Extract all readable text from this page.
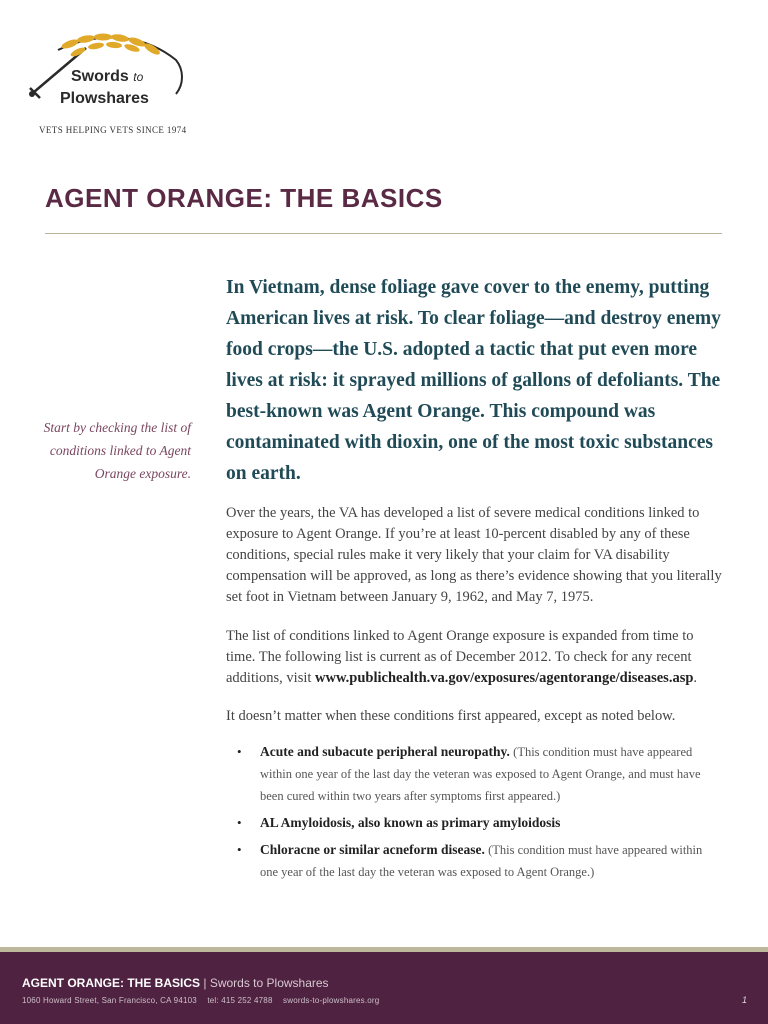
Swords to
Plowshares
VETS HELPING VETS SINCE 1974
AGENT ORANGE: THE BASICS
Start by checking the list of conditions linked to Agent Orange exposure.

In Vietnam, dense foliage gave cover to the enemy, putting American lives at risk. To clear foliage—and destroy enemy food crops—the U.S. adopted a tactic that put even more lives at risk: it sprayed millions of gallons of defoliants. The best-known was Agent Orange. This compound was contaminated with dioxin, one of the most toxic substances on earth.

Over the years, the VA has developed a list of severe medical conditions linked to exposure to Agent Orange. If you’re at least 10-percent disabled by any of these conditions, special rules make it very likely that your claim for VA disability compensation will be approved, as long as there’s evidence showing that you literally set foot in Vietnam between January 9, 1962, and May 7, 1975.

The list of conditions linked to Agent Orange exposure is expanded from time to time. The following list is current as of December 2012. To check for any recent additions, visit www.publichealth.va.gov/exposures/agentorange/diseases.asp.

It doesn’t matter when these conditions first appeared, except as noted below.

• Acute and subacute peripheral neuropathy. (This condition must have appeared within one year of the last day the veteran was exposed to Agent Orange, and must have been cured within two years after symptoms first appeared.)
• AL Amyloidosis, also known as primary amyloidosis
• Chloracne or similar acneform disease. (This condition must have appeared within one year of the last day the veteran was exposed to Agent Orange.)
AGENT ORANGE: THE BASICS | Swords to Plowshares
1060 Howard Street, San Francisco, CA 94103 tel: 415 252 4788 swords-to-plowshares.org	1
